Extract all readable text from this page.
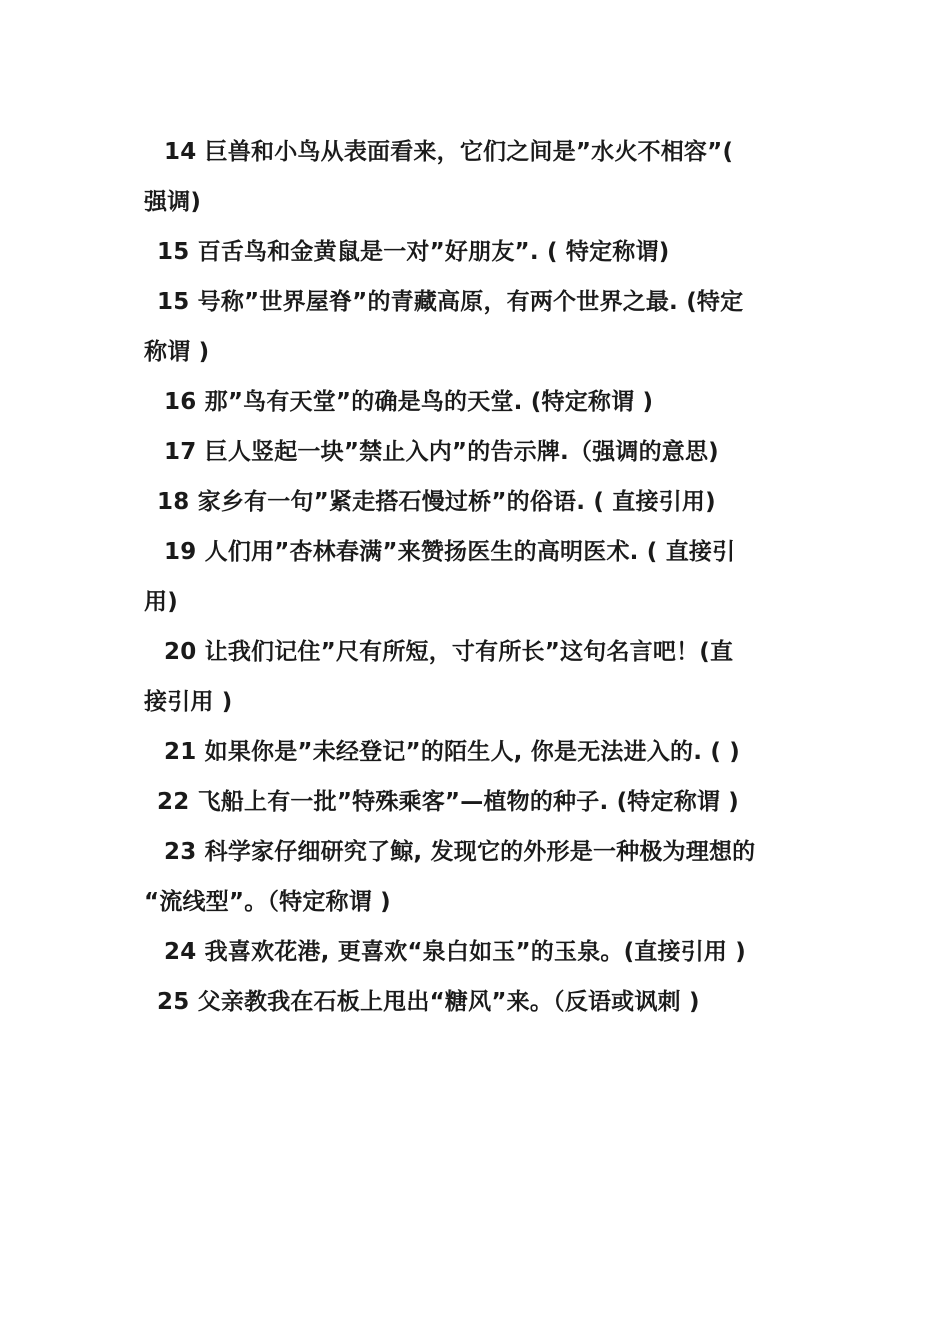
14 巨兽和小鸟从表面看来，它们之间是”水火不相容”(
强调)
15 百舌鸟和金黄鼠是一对”好朋友”. ( 特定称谓)
15 号称”世界屋脊”的青藏高原，有两个世界之最. (特定
称谓 )
16 那”鸟有天堂”的确是鸟的天堂. (特定称谓 )
17 巨人竖起一块”禁止入内”的告示牌.（强调的意思)
18 家乡有一句”紧走搭石慢过桥”的俗语. ( 直接引用)
19 人们用”杏林春满”来赞扬医生的高明医术. ( 直接引
用)
20 让我们记住”尺有所短，寸有所长”这句名言吧！(直
接引用 )
21 如果你是”未经登记”的陌生人, 你是无法进入的. ( )
22 飞船上有一批”特殊乘客”—植物的种子. (特定称谓 )
23 科学家仔细研究了鲸, 发现它的外形是一种极为理想的
“流线型”。（特定称谓 )
24 我喜欢花港, 更喜欢“泉白如玉”的玉泉。(直接引用 )
25 父亲教我在石板上甩出“糖风”来。（反语或讽刺 )
